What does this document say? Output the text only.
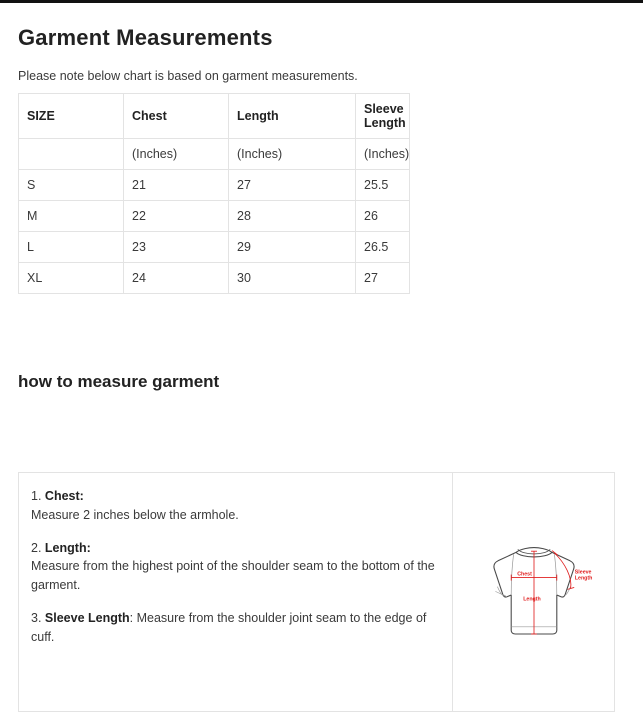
Garment Measurements

Please note below chart is based on garment measurements.

SIZE	Chest	Length	Sleeve Length
	(Inches)	(Inches)	(Inches)
S	21	27	25.5
M	22	28	26
L	23	29	26.5
XL	24	30	27
how to measure garment

1. Chest:
Measure 2 inches below the armhole.

2. Length:
Measure from the highest point of the shoulder seam to the bottom of the garment.

3. Sleeve Length: Measure from the shoulder joint seam to the edge of cuff.

Chest
Length
Sleeve
Length
